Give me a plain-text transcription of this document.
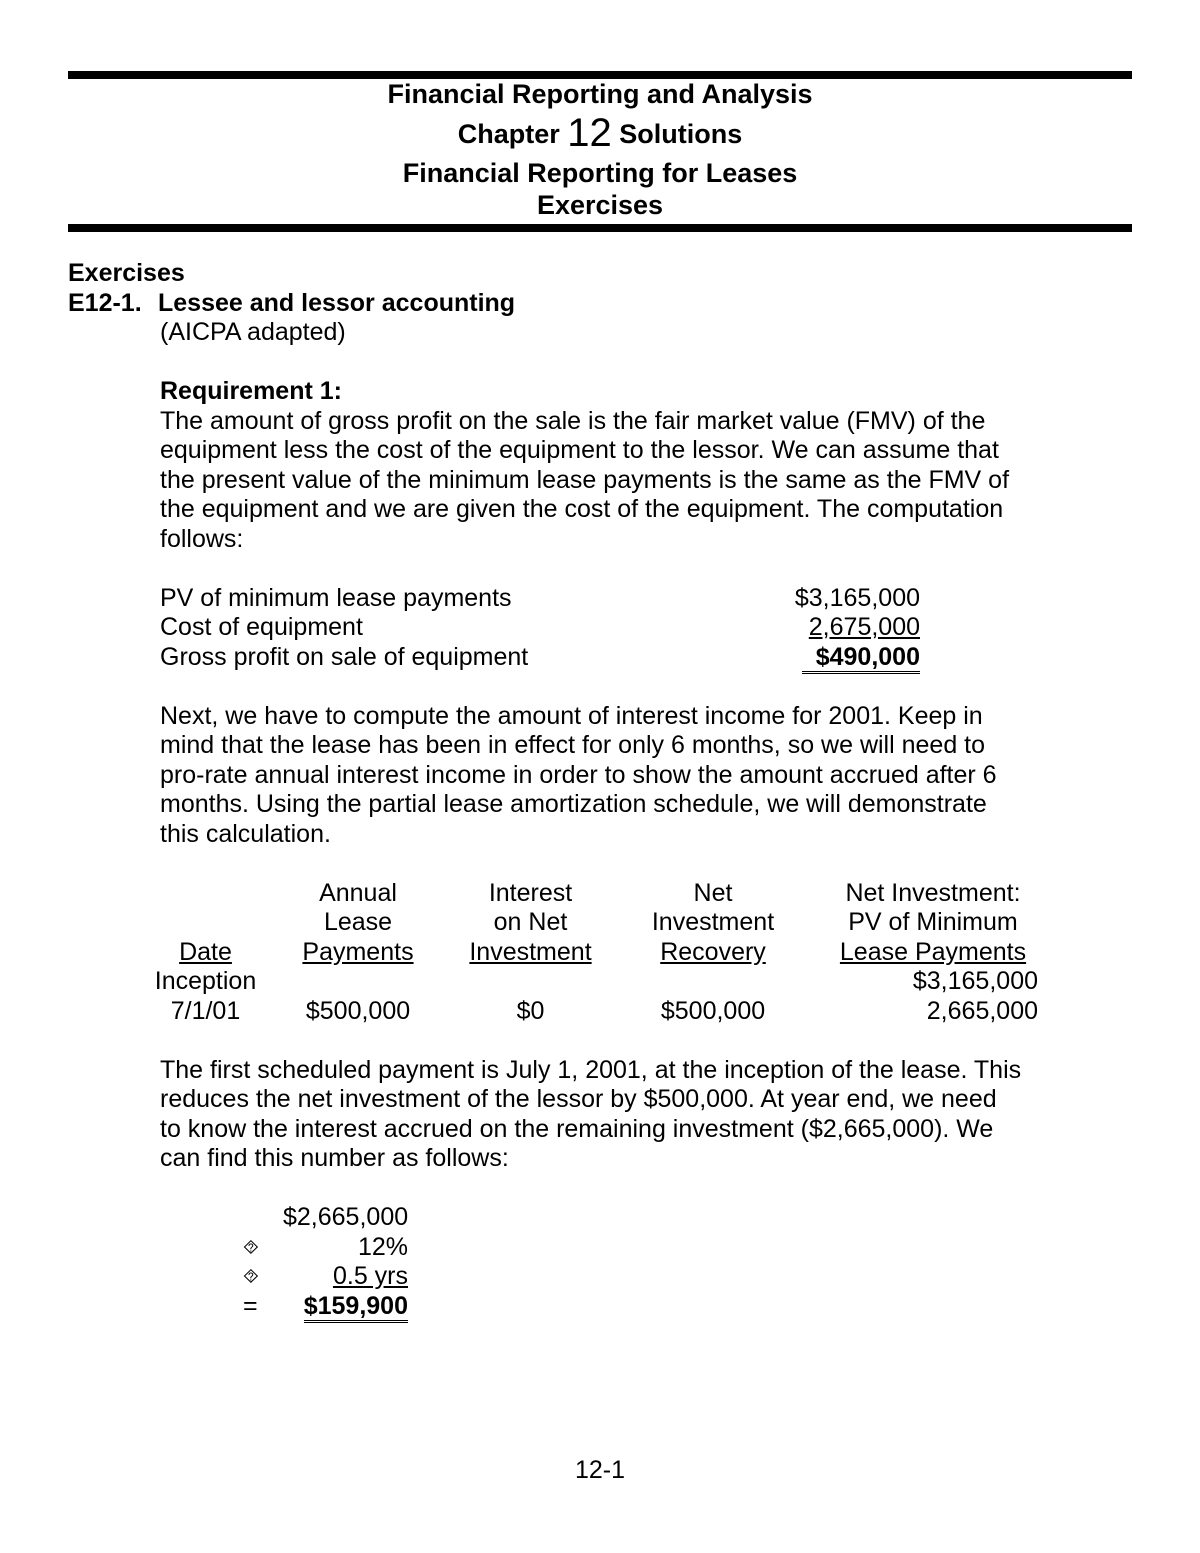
Financial Reporting and Analysis
Chapter 12 Solutions
Financial Reporting for Leases
Exercises
Exercises
E12-1. Lessee and lessor accounting
(AICPA adapted)
Requirement 1:
The amount of gross profit on the sale is the fair market value (FMV) of the
equipment less the cost of the equipment to the lessor. We can assume that
the present value of the minimum lease payments is the same as the FMV of
the equipment and we are given the cost of the equipment. The computation
follows:
PV of minimum lease payments	$3,165,000
Cost of equipment	2,675,000
Gross profit on sale of equipment	$490,000
Next, we have to compute the amount of interest income for 2001. Keep in
mind that the lease has been in effect for only 6 months, so we will need to
pro-rate annual interest income in order to show the amount accrued after 6
months. Using the partial lease amortization schedule, we will demonstrate
this calculation.
	Annual	Interest	Net	Net Investment:
	Lease	on Net	Investment	PV of Minimum
Date	Payments	Investment	Recovery	Lease Payments
Inception				$3,165,000
7/1/01	$500,000	$0	$500,000	2,665,000
The first scheduled payment is July 1, 2001, at the inception of the lease. This
reduces the net investment of the lessor by $500,000. At year end, we need
to know the interest accrued on the remaining investment ($2,665,000). We
can find this number as follows:
$2,665,000
⯑	12%
⯑	0.5 yrs
=	$159,900
12-1
